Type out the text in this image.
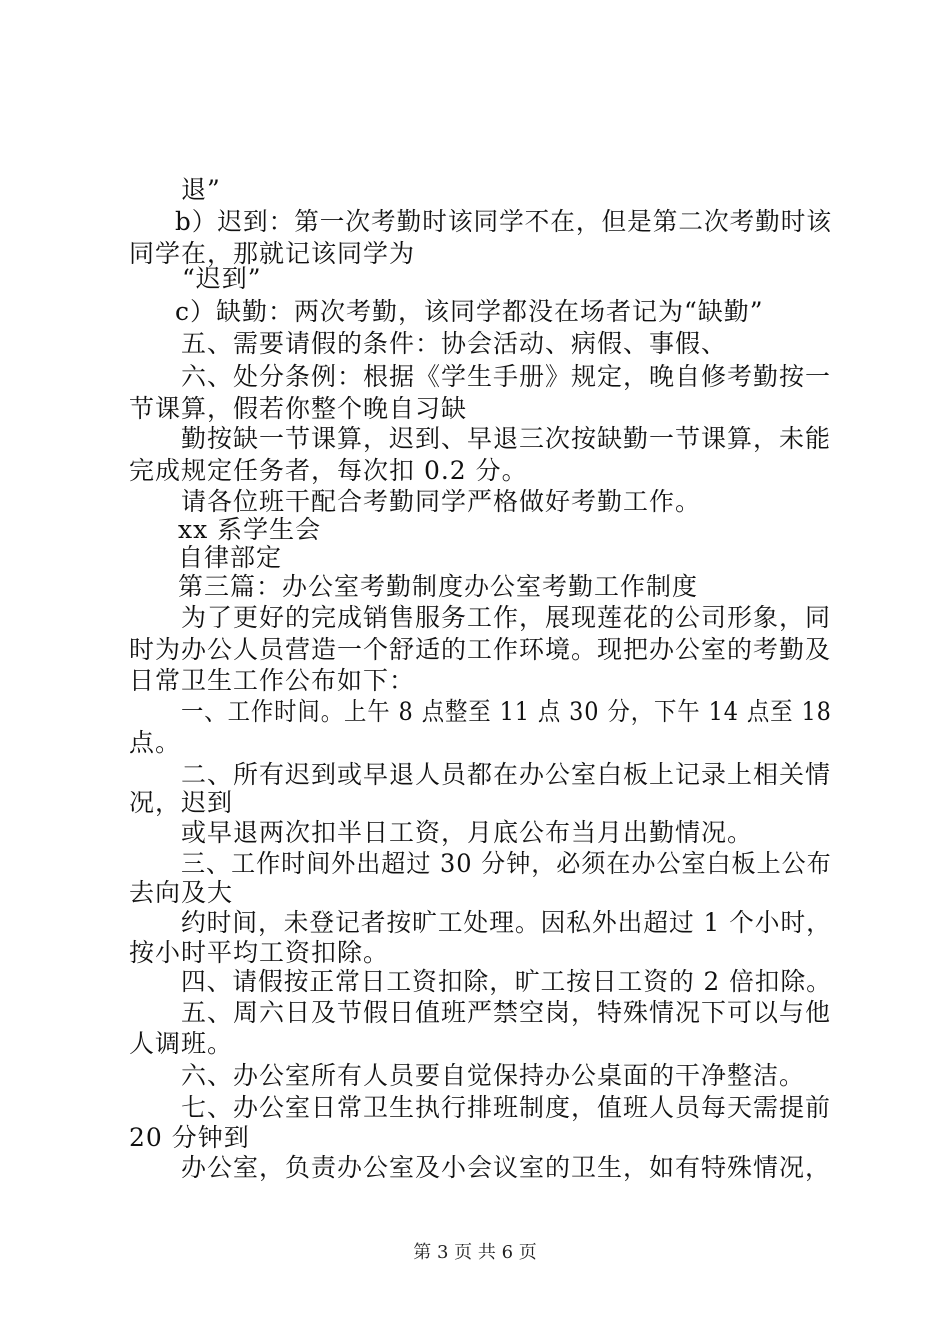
退”
b）迟到：第一次考勤时该同学不在，但是第二次考勤时该
同学在，那就记该同学为
“迟到”
c）缺勤：两次考勤，该同学都没在场者记为“缺勤”
五、需要请假的条件：协会活动、病假、事假、
六、处分条例：根据《学生手册》规定，晚自修考勤按一
节课算，假若你整个晚自习缺
勤按缺一节课算，迟到、早退三次按缺勤一节课算，未能
完成规定任务者，每次扣 0.2 分。
请各位班干配合考勤同学严格做好考勤工作。
xx 系学生会
自律部定
第三篇：办公室考勤制度办公室考勤工作制度
为了更好的完成销售服务工作，展现莲花的公司形象，同
时为办公人员营造一个舒适的工作环境。现把办公室的考勤及
日常卫生工作公布如下：
一、工作时间。上午 8 点整至 11 点 30 分，下午 14 点至 18
点。
二、所有迟到或早退人员都在办公室白板上记录上相关情
况，迟到
或早退两次扣半日工资，月底公布当月出勤情况。
三、工作时间外出超过 30 分钟，必须在办公室白板上公布
去向及大
约时间，未登记者按旷工处理。因私外出超过 1 个小时，
按小时平均工资扣除。
四、请假按正常日工资扣除，旷工按日工资的 2 倍扣除。
五、周六日及节假日值班严禁空岗，特殊情况下可以与他
人调班。
六、办公室所有人员要自觉保持办公桌面的干净整洁。
七、办公室日常卫生执行排班制度，值班人员每天需提前
20 分钟到
办公室，负责办公室及小会议室的卫生，如有特殊情况，
第 3 页 共 6 页
